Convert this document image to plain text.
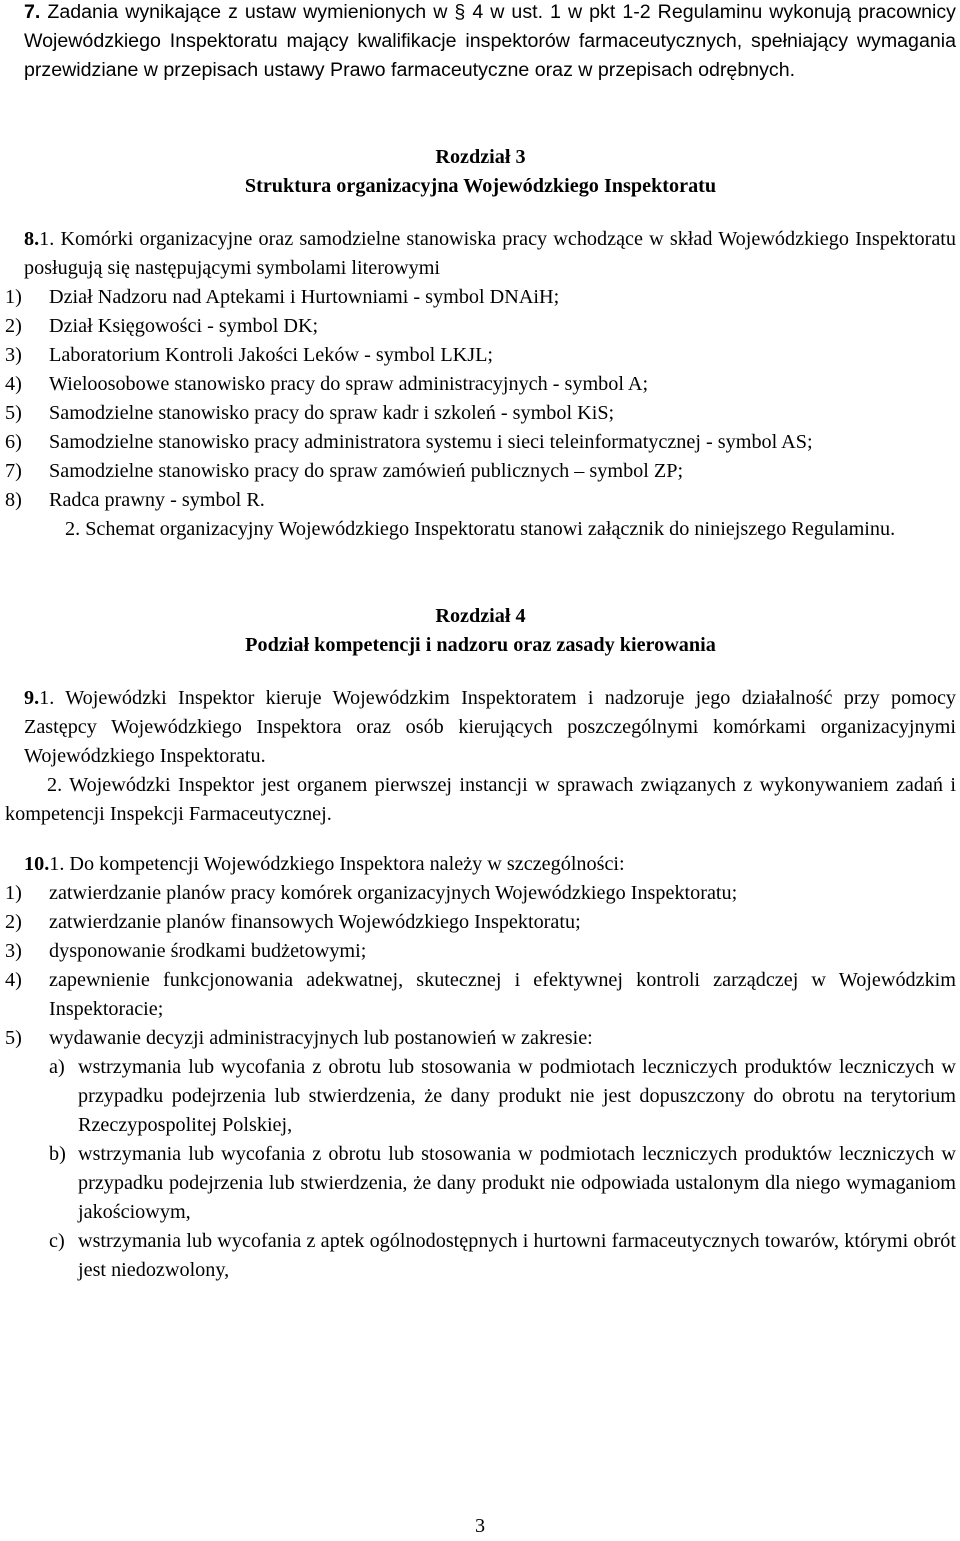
7. Zadania wynikające z ustaw wymienionych w § 4 w ust. 1 w pkt 1-2 Regulaminu wykonują pracownicy Wojewódzkiego Inspektoratu mający kwalifikacje inspektorów farmaceutycznych, spełniający wymagania przewidziane w przepisach ustawy Prawo farmaceutyczne oraz w przepisach odrębnych.

Rozdział 3

Struktura organizacyjna Wojewódzkiego Inspektoratu

8.1. Komórki organizacyjne oraz samodzielne stanowiska pracy wchodzące w skład Wojewódzkiego Inspektoratu posługują się następującymi symbolami literowymi

1)	Dział Nadzoru nad Aptekami i Hurtowniami - symbol DNAiH;
2)	Dział Księgowości - symbol DK;
3)	Laboratorium Kontroli Jakości Leków - symbol LKJL;
4)	Wieloosobowe stanowisko pracy do spraw administracyjnych - symbol A;
5)	Samodzielne stanowisko pracy do spraw kadr i szkoleń - symbol KiS;
6)	Samodzielne stanowisko pracy administratora systemu i sieci teleinformatycznej - symbol AS;
7)	Samodzielne stanowisko pracy do spraw zamówień publicznych – symbol ZP;
8)	Radca prawny - symbol R.

2. Schemat organizacyjny Wojewódzkiego Inspektoratu stanowi załącznik do niniejszego Regulaminu.

Rozdział 4

Podział kompetencji i nadzoru oraz zasady kierowania

9.1. Wojewódzki Inspektor kieruje Wojewódzkim Inspektoratem i nadzoruje jego działalność przy pomocy Zastępcy Wojewódzkiego Inspektora oraz osób kierujących poszczególnymi komórkami organizacyjnymi Wojewódzkiego Inspektoratu.

2. Wojewódzki Inspektor jest organem pierwszej instancji w sprawach związanych z wykonywaniem zadań i kompetencji Inspekcji Farmaceutycznej.

10.1. Do kompetencji Wojewódzkiego Inspektora należy w szczególności:

1)	zatwierdzanie planów pracy komórek organizacyjnych Wojewódzkiego Inspektoratu;
2)	zatwierdzanie planów finansowych Wojewódzkiego Inspektoratu;
3)	dysponowanie środkami budżetowymi;
4)	zapewnienie funkcjonowania adekwatnej, skutecznej i efektywnej kontroli zarządczej w Wojewódzkim Inspektoracie;
5)	wydawanie decyzji administracyjnych lub postanowień w zakresie:
a) wstrzymania lub wycofania z obrotu lub stosowania w podmiotach leczniczych produktów leczniczych w przypadku podejrzenia lub stwierdzenia, że dany produkt nie jest dopuszczony do obrotu na terytorium Rzeczypospolitej Polskiej,
b) wstrzymania lub wycofania z obrotu lub stosowania w podmiotach leczniczych produktów leczniczych w przypadku podejrzenia lub stwierdzenia, że dany produkt nie odpowiada ustalonym dla niego wymaganiom jakościowym,
c) wstrzymania lub wycofania z aptek ogólnodostępnych i hurtowni farmaceutycznych towarów, którymi obrót jest niedozwolony,
3
